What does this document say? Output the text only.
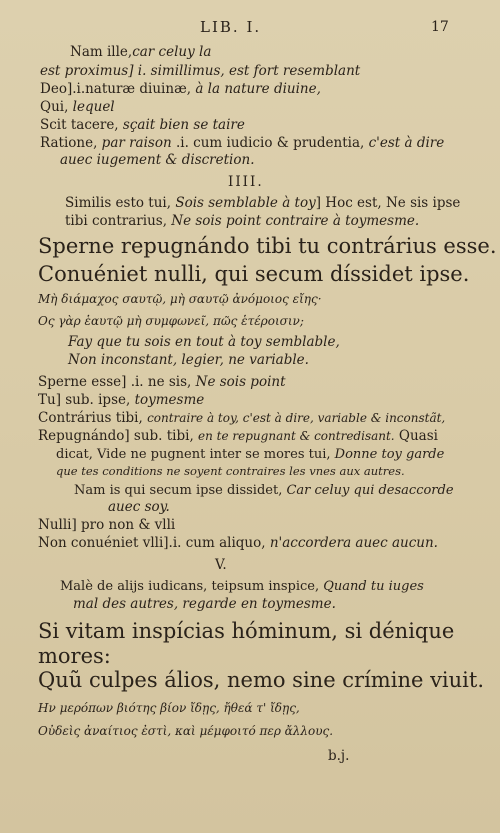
LIB. I.	17
Nam ille,car celuy la
est proximus] i. simillimus, est fort resemblant
Deo].i.naturæ diuinæ, à la nature diuine,
Qui, lequel
Scit tacere, sçait bien se taire
Ratione, par raison .i. cum iudicio & prudentia, c'est à dire
auec iugement & discretion.
IIII.
Similis esto tui, Sois semblable à toy] Hoc est, Ne sis ipse
tibi contrarius, Ne sois point contraire à toymesme.
Sperne repugnándo tibi tu contrárius esse.
Conuéniet nulli, qui secum díssidet ipse.
Μὴ διάμαχος σαυτῷ, μὴ σαυτῷ ἀνόμοιος εἴης·
Ος γὰρ ἑαυτῷ μὴ συμφωνεῖ, πῶς ἑτέροισιν;
Fay que tu sois en tout à toy semblable,
Non inconstant, legier, ne variable.
Sperne esse] .i. ne sis, Ne sois point
Tu] sub. ipse, toymesme
Contrárius tibi, contraire à toy, c'est à dire, variable & inconstãt,
Repugnándo] sub. tibi, en te repugnant & contredisant. Quasi
dicat, Vide ne pugnent inter se mores tui, Donne toy garde
que tes conditions ne soyent contraires les vnes aux autres.
Nam is qui secum ipse dissidet, Car celuy qui desaccorde
auec soy.
Nulli] pro non & vlli
Non conuéniet vlli].i. cum aliquo, n'accordera auec aucun.
V.
Malè de alijs iudicans, teipsum inspice, Quand tu iuges
mal des autres, regarde en toymesme.
Si vitam inspícias hóminum, si dénique
mores:
Quũ culpes álios, nemo sine crímine viuit.
Ην μερόπων βιότης βίον ἴδῃς, ἤθεά τ' ἴδῃς,
Οὐδεὶς ἀναίτιος ἐστὶ, καὶ μέμφοιτό περ ἄλλους.
b.j.
